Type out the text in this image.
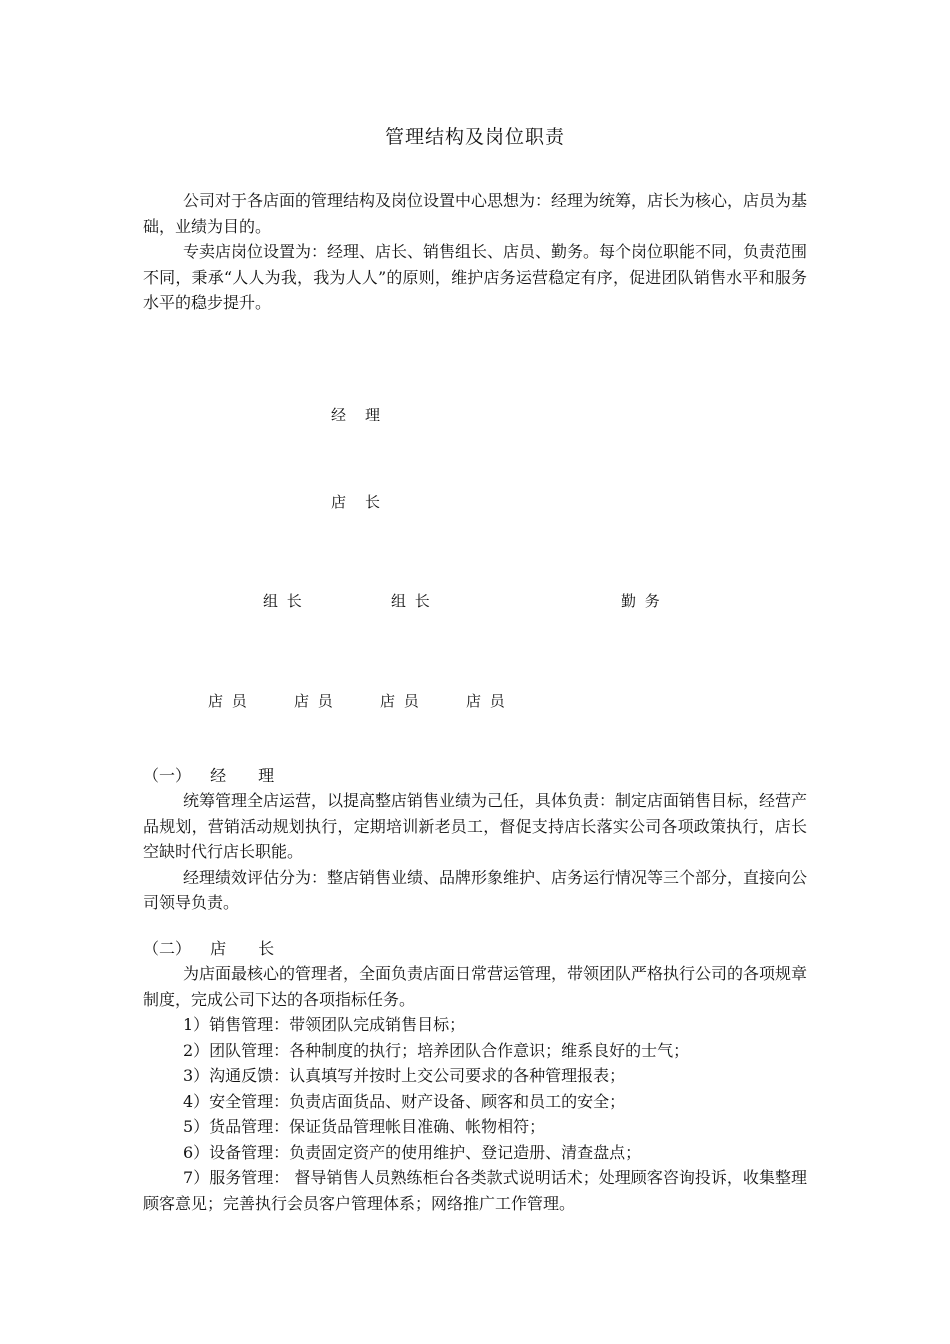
管理结构及岗位职责

公司对于各店面的管理结构及岗位设置中心思想为：经理为统筹，店长为核心，店员为基础，业绩为目的。

专卖店岗位设置为：经理、店长、销售组长、店员、勤务。每个岗位职能不同，负责范围不同，秉承“人人为我，我为人人”的原则，维护店务运营稳定有序，促进团队销售水平和服务水平的稳步提升。

经　理
店　长
组 长	组 长	勤 务
店 员	店 员	店 员	店 员
（一） 经　　理

统筹管理全店运营，以提高整店销售业绩为己任，具体负责：制定店面销售目标，经营产品规划，营销活动规划执行，定期培训新老员工，督促支持店长落实公司各项政策执行，店长空缺时代行店长职能。

经理绩效评估分为：整店销售业绩、品牌形象维护、店务运行情况等三个部分，直接向公司领导负责。

（二） 店　　长

为店面最核心的管理者，全面负责店面日常营运管理，带领团队严格执行公司的各项规章制度，完成公司下达的各项指标任务。

1）销售管理：带领团队完成销售目标；

2）团队管理：各种制度的执行；培养团队合作意识；维系良好的士气；

3）沟通反馈：认真填写并按时上交公司要求的各种管理报表；

4）安全管理：负责店面货品、财产设备、顾客和员工的安全；

5）货品管理：保证货品管理帐目准确、帐物相符；

6）设备管理：负责固定资产的使用维护、登记造册、清查盘点；

7）服务管理： 督导销售人员熟练柜台各类款式说明话术；处理顾客咨询投诉，收集整理顾客意见；完善执行会员客户管理体系；网络推广工作管理。
